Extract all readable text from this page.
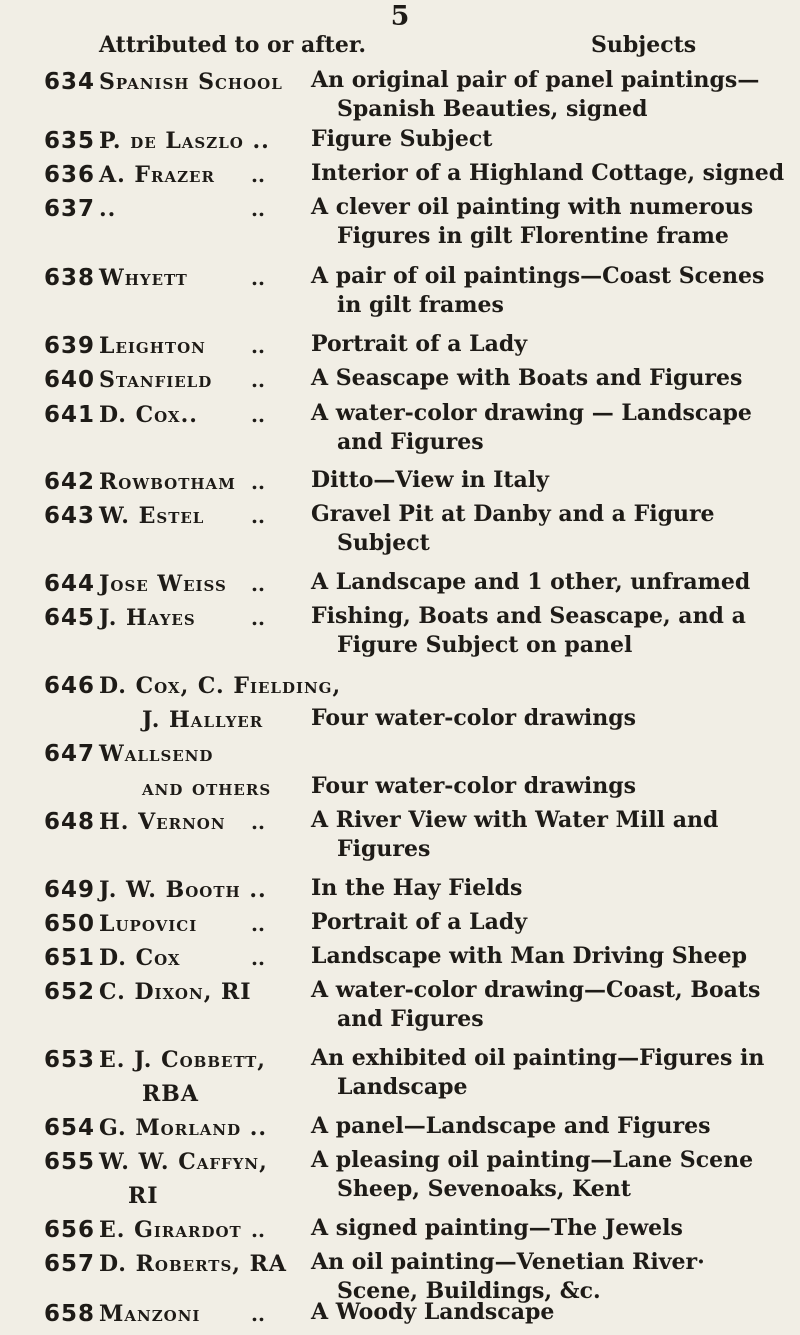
5
Attributed to or after.	Subjects
634 Spanish School	An original pair of panel paintings—
Spanish Beauties, signed
635 P. de Laszlo ..	Figure Subject
636 A. Frazer	.. Interior of a Highland Cottage, signed
637 ..	.. A clever oil painting with numerous
Figures in gilt Florentine frame
638 Whyett	.. A pair of oil paintings—Coast Scenes
in gilt frames
639 Leighton	.. Portrait of a Lady
640 Stanfield	.. A Seascape with Boats and Figures
641 D. Cox..	.. A water-color drawing — Landscape
and Figures
642 Rowbotham .. Ditto—View in Italy
643 W. Estel	.. Gravel Pit at Danby and a Figure
Subject
644 Jose Weiss	.. A Landscape and 1 other, unframed
645 J. Hayes	.. Fishing, Boats and Seascape, and a
Figure Subject on panel
646 D. Cox, C. Fielding,
J. Hallyer Four water-color drawings
647 Wallsend
and others Four water-color drawings
648 H. Vernon	.. A River View with Water Mill and
Figures
649 J. W. Booth ..	In the Hay Fields
650 Lupovici	.. Portrait of a Lady
651 D. Cox	.. Landscape with Man Driving Sheep
652 C. Dixon, RI	A water-color drawing—Coast, Boats
and Figures
653 E. J. Cobbett,
RBA
An exhibited oil painting—Figures in
Landscape
654 G. Morland ..	A panel—Landscape and Figures
655 W. W. Caffyn,
RI
A pleasing oil painting—Lane Scene
Sheep, Sevenoaks, Kent
656 E. Girardot .. A signed painting—The Jewels
657 D. Roberts, RA	An oil painting—Venetian River·
Scene, Buildings, &c.
658 Manzoni	.. A Woody Landscape
